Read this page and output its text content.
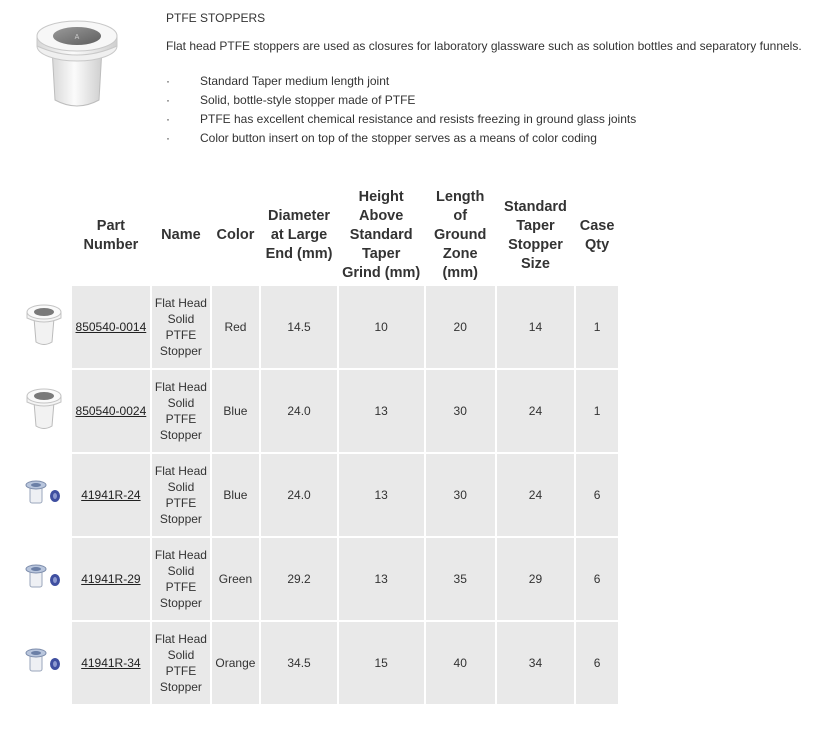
A
PTFE STOPPERS
Flat head PTFE stoppers are used as closures for laboratory glassware such as solution bottles and separatory funnels.
·	Standard Taper medium length joint
·	Solid, bottle-style stopper made of PTFE
·	PTFE has excellent chemical resistance and resists freezing in ground glass joints
·	Color button insert on top of the stopper serves as a means of color coding
	Part Number	Name	Color	Diameter at Large End (mm)	Height Above Standard Taper Grind (mm)	Length of Ground Zone (mm)	Standard Taper Stopper Size	Case Qty
	850540-0014	Flat Head Solid PTFE Stopper	Red	14.5	10	20	14	1
	850540-0024	Flat Head Solid PTFE Stopper	Blue	24.0	13	30	24	1
	41941R-24	Flat Head Solid PTFE Stopper	Blue	24.0	13	30	24	6
	41941R-29	Flat Head Solid PTFE Stopper	Green	29.2	13	35	29	6
	41941R-34	Flat Head Solid PTFE Stopper	Orange	34.5	15	40	34	6
